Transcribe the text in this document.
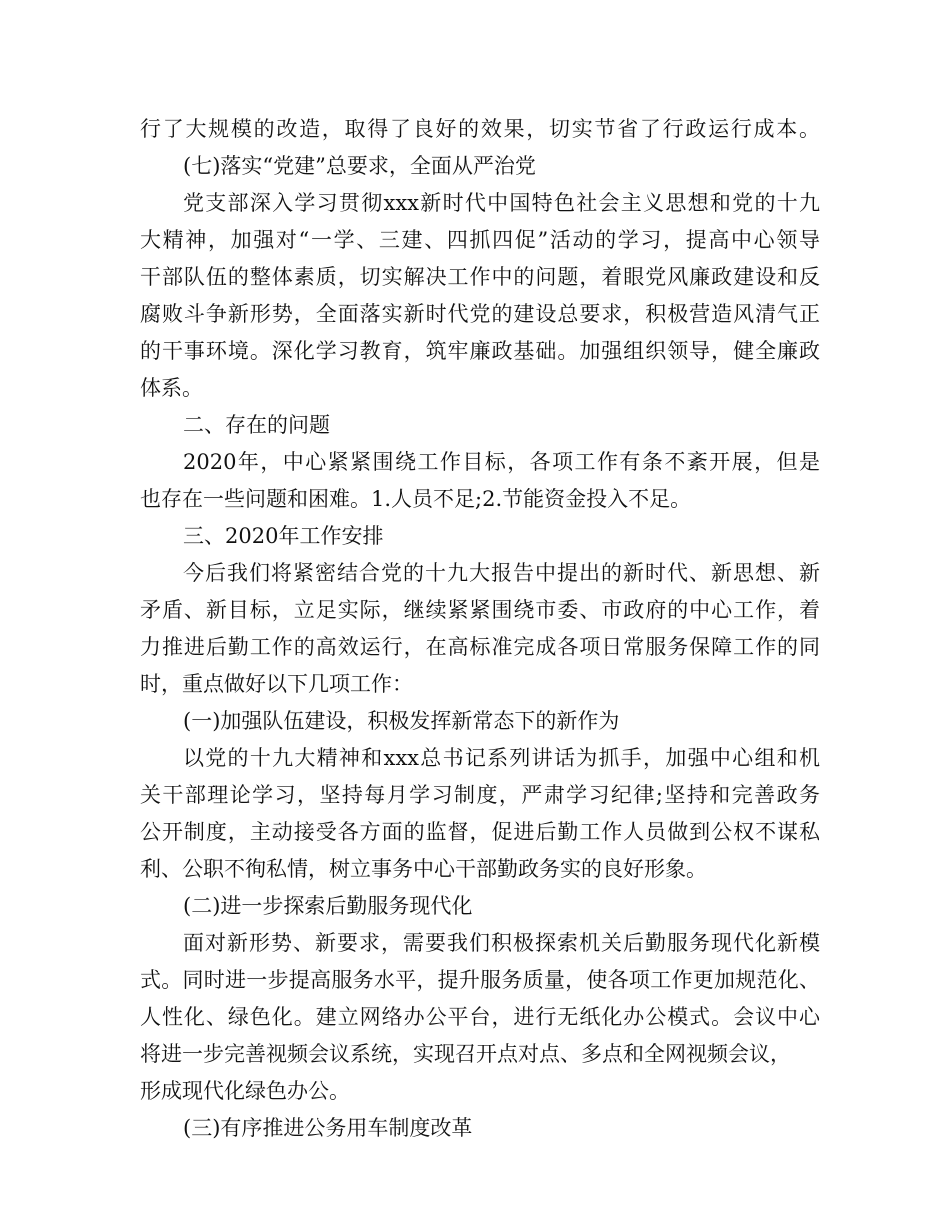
行了大规模的改造，取得了良好的效果，切实节省了行政运行成本。
(七)落实“党建”总要求，全面从严治党
党支部深入学习贯彻xxx新时代中国特色社会主义思想和党的十九
大精神，加强对“一学、三建、四抓四促”活动的学习，提高中心领导
干部队伍的整体素质，切实解决工作中的问题，着眼党风廉政建设和反
腐败斗争新形势，全面落实新时代党的建设总要求，积极营造风清气正
的干事环境。深化学习教育，筑牢廉政基础。加强组织领导，健全廉政
体系。
二、存在的问题
2020年，中心紧紧围绕工作目标，各项工作有条不紊开展，但是
也存在一些问题和困难。1.人员不足;2.节能资金投入不足。
三、2020年工作安排
今后我们将紧密结合党的十九大报告中提出的新时代、新思想、新
矛盾、新目标，立足实际，继续紧紧围绕市委、市政府的中心工作，着
力推进后勤工作的高效运行，在高标准完成各项日常服务保障工作的同
时，重点做好以下几项工作：
(一)加强队伍建设，积极发挥新常态下的新作为
以党的十九大精神和xxx总书记系列讲话为抓手，加强中心组和机
关干部理论学习，坚持每月学习制度，严肃学习纪律;坚持和完善政务
公开制度，主动接受各方面的监督，促进后勤工作人员做到公权不谋私
利、公职不徇私情，树立事务中心干部勤政务实的良好形象。
(二)进一步探索后勤服务现代化
面对新形势、新要求，需要我们积极探索机关后勤服务现代化新模
式。同时进一步提高服务水平，提升服务质量，使各项工作更加规范化、
人性化、绿色化。建立网络办公平台，进行无纸化办公模式。会议中心
将进一步完善视频会议系统，实现召开点对点、多点和全网视频会议，
形成现代化绿色办公。
(三)有序推进公务用车制度改革
